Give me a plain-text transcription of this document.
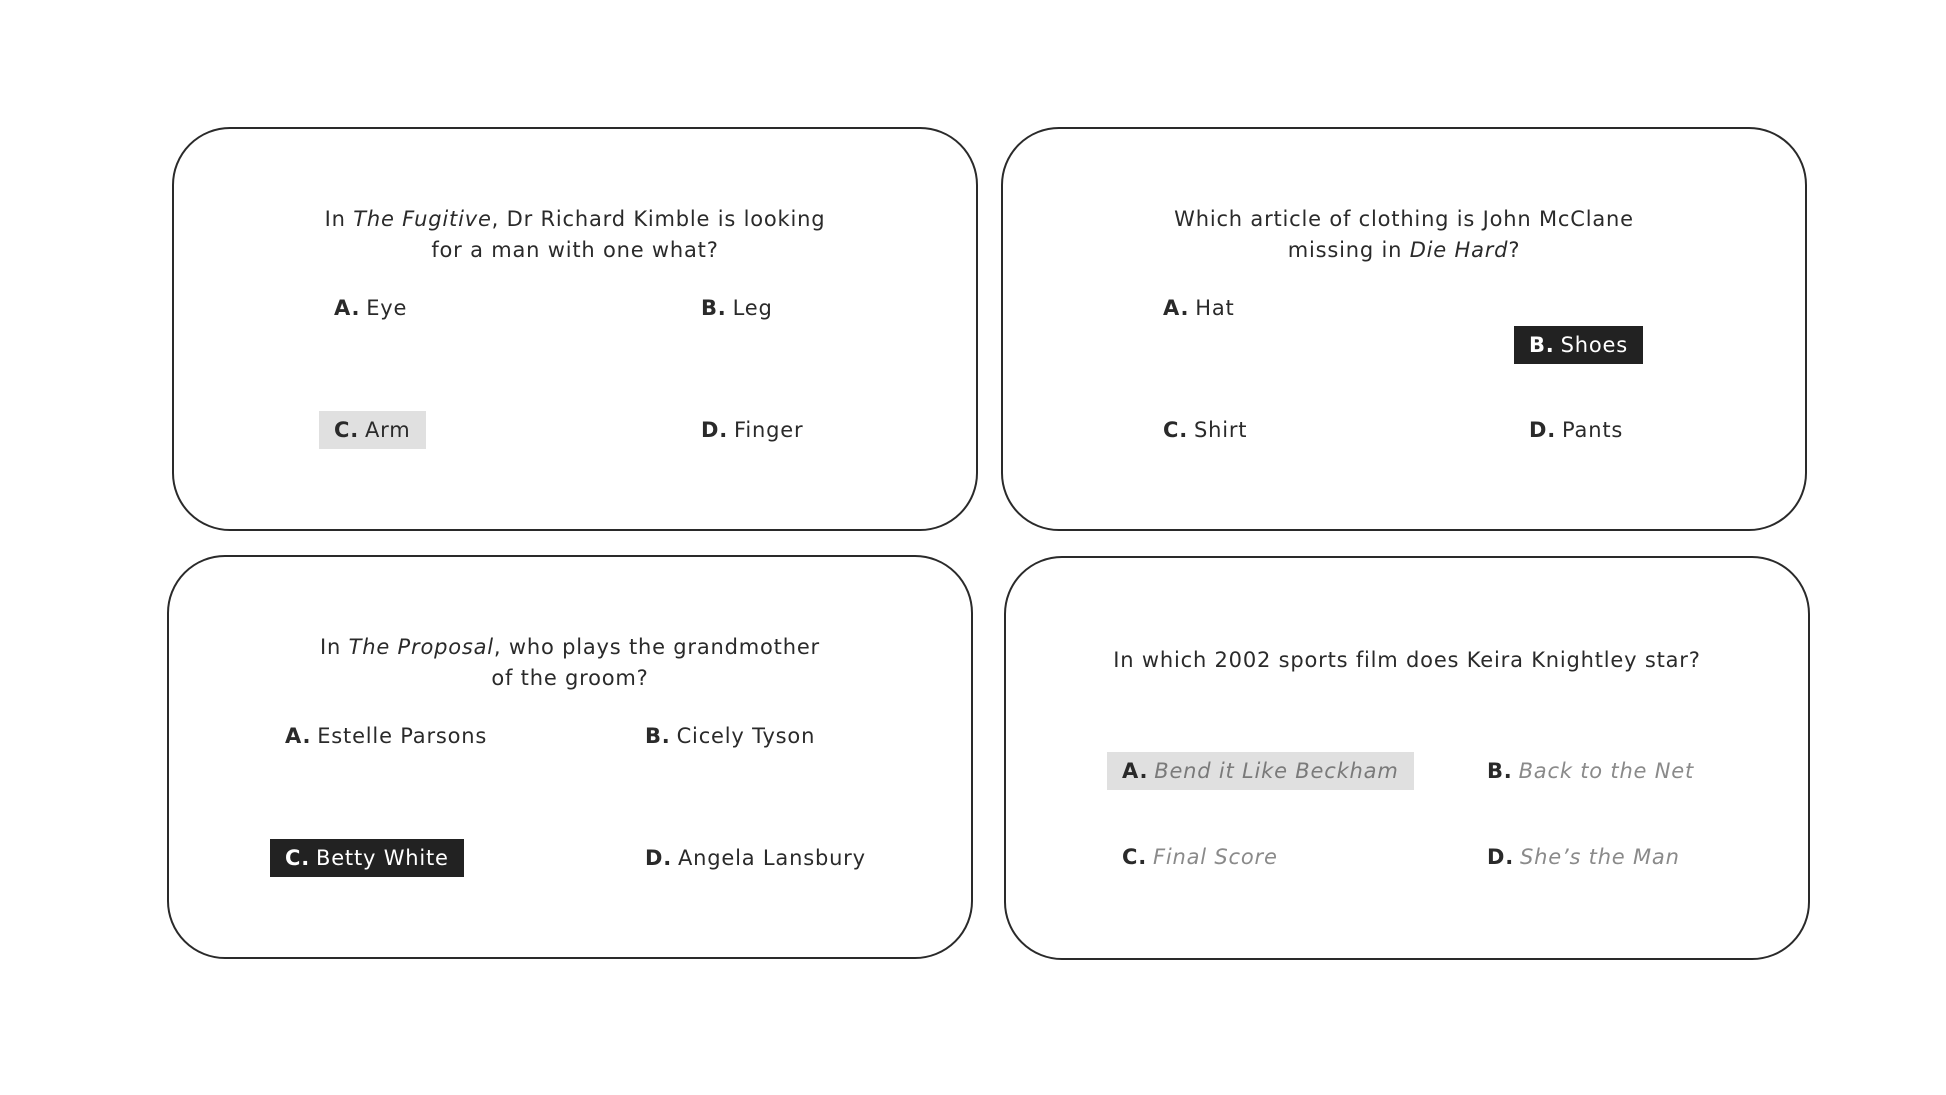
In The Fugitive, Dr Richard Kimble is looking
for a man with one what?
A. Eye	B. Leg
C. Arm	D. Finger
Which article of clothing is John McClane
missing in Die Hard?
A. Hat
B. Shoes
C. Shirt	D. Pants
In The Proposal, who plays the grandmother
of the groom?
A. Estelle Parsons	B. Cicely Tyson
C. Betty White	D. Angela Lansbury
In which 2002 sports film does Keira Knightley star?
A. Bend it Like Beckham	B. Back to the Net
C. Final Score	D. She’s the Man
